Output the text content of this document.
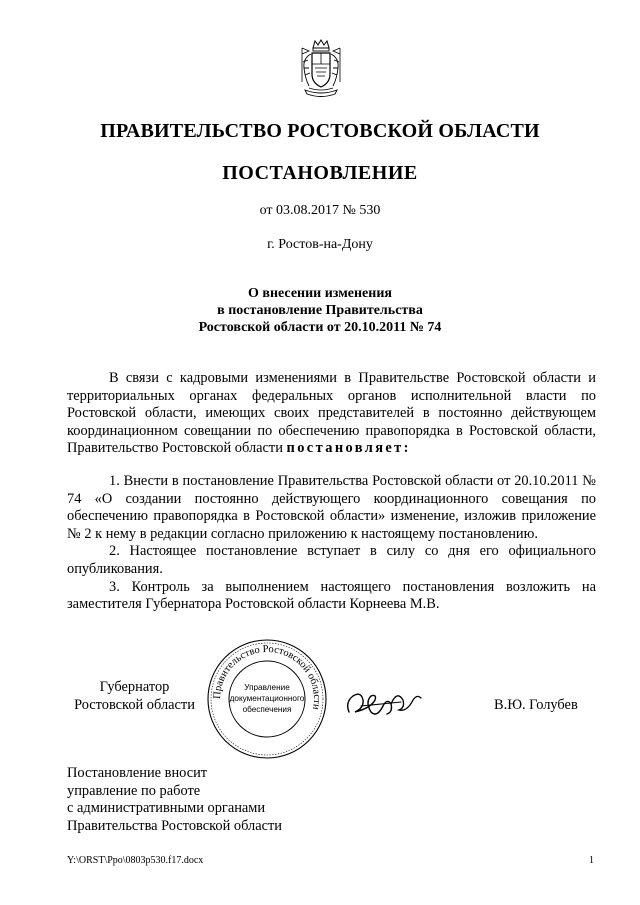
ПРАВИТЕЛЬСТВО РОСТОВСКОЙ ОБЛАСТИ
ПОСТАНОВЛЕНИЕ
от 03.08.2017 № 530
г. Ростов-на-Дону
О внесении изменения
в постановление Правительства
Ростовской области от 20.10.2011 № 74

В связи с кадровыми изменениями в Правительстве Ростовской области и территориальных органах федеральных органов исполнительной власти по Ростовской области, имеющих своих представителей в постоянно действующем координационном совещании по обеспечению правопорядка в Ростовской области, Правительство Ростовской области постановляет:

1. Внести в постановление Правительства Ростовской области от 20.10.2011 № 74 «О создании постоянно действующего координационного совещания по обеспечению правопорядка в Ростовской области» изменение, изложив приложение № 2 к нему в редакции согласно приложению к настоящему постановлению.

2. Настоящее постановление вступает в силу со дня его официального опубликования.

3. Контроль за выполнением настоящего постановления возложить на заместителя Губернатора Ростовской области Корнеева М.В.

Губернатор
Ростовской области
Правительство Ростовской области
Управление
документационного
обеспечения	В.Ю. Голубев
Постановление вносит
управление по работе
с административными органами
Правительства Ростовской области
Y:\ORST\Ppo\0803p530.f17.docx	1
